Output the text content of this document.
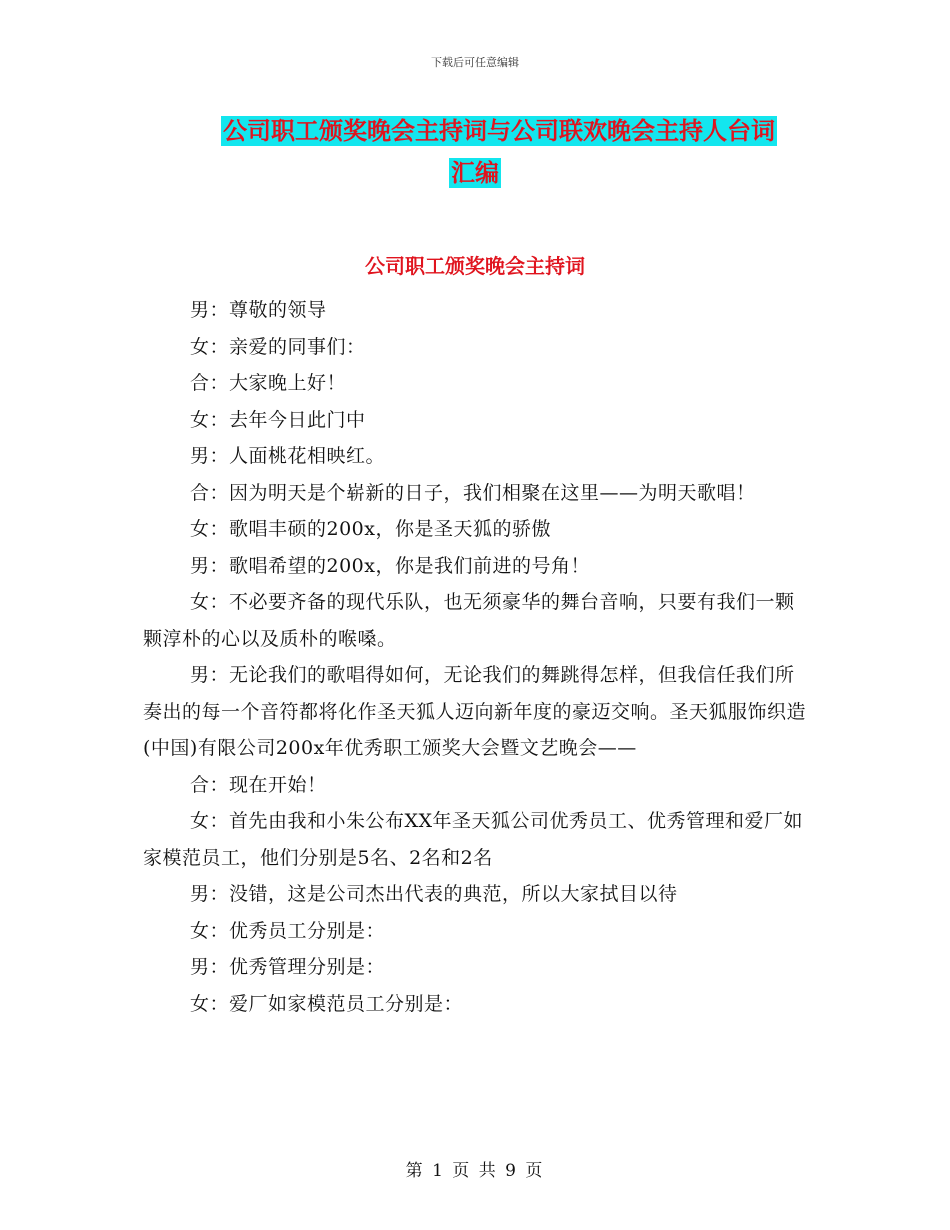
下载后可任意编辑
公司职工颁奖晚会主持词与公司联欢晚会主持人台词
汇编
公司职工颁奖晚会主持词

男：尊敬的领导

女：亲爱的同事们：

合：大家晚上好！

女：去年今日此门中

男：人面桃花相映红。

合：因为明天是个崭新的日子，我们相聚在这里——为明天歌唱！

女：歌唱丰硕的200x，你是圣天狐的骄傲

男：歌唱希望的200x，你是我们前进的号角！

女：不必要齐备的现代乐队，也无须豪华的舞台音响，只要有我们一颗颗淳朴的心以及质朴的喉嗓。

男：无论我们的歌唱得如何，无论我们的舞跳得怎样，但我信任我们所奏出的每一个音符都将化作圣天狐人迈向新年度的豪迈交响。圣天狐服饰织造(中国)有限公司200x年优秀职工颁奖大会暨文艺晚会——

合：现在开始！

女：首先由我和小朱公布XX年圣天狐公司优秀员工、优秀管理和爱厂如家模范员工，他们分别是5名、2名和2名

男：没错，这是公司杰出代表的典范，所以大家拭目以待

女：优秀员工分别是：

男：优秀管理分别是：

女：爱厂如家模范员工分别是：

第 1 页 共 9 页
